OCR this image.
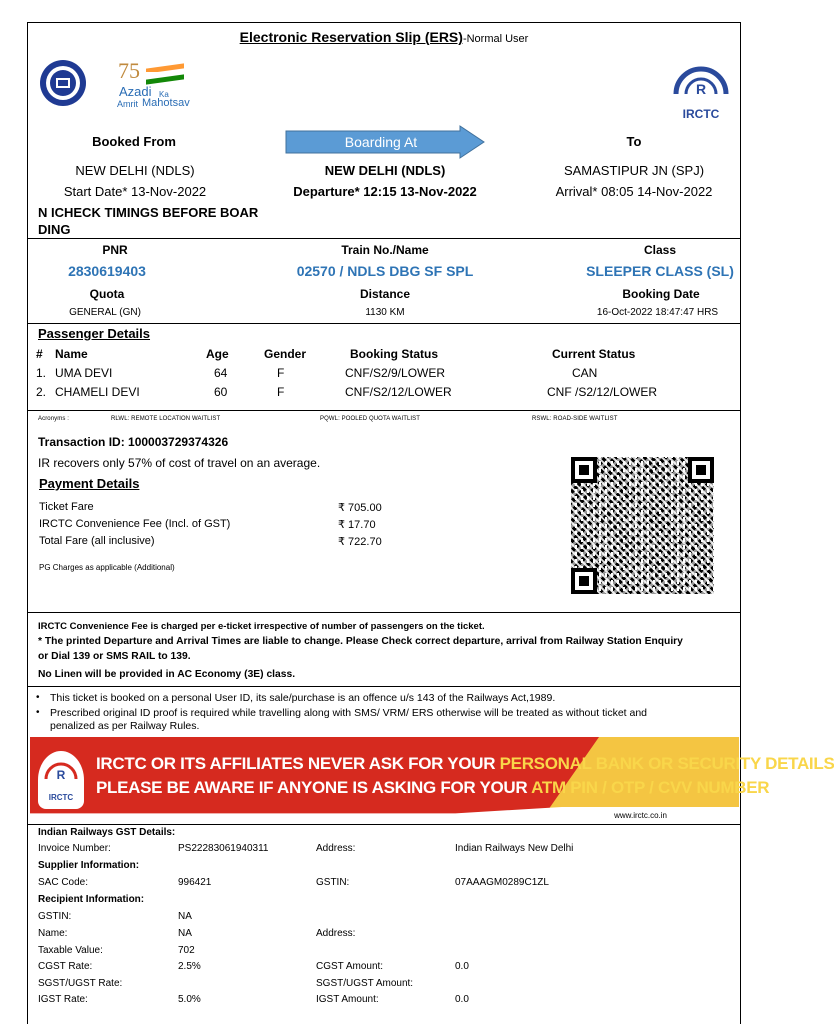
Electronic Reservation Slip (ERS)-Normal User
75
Azadi Ka
Amrit Mahotsav
R
IRCTC
Booked From	Boarding At	To
NEW DELHI (NDLS)	NEW DELHI (NDLS)	SAMASTIPUR JN (SPJ)
Start Date* 13-Nov-2022	Departure* 12:15 13-Nov-2022	Arrival* 08:05 14-Nov-2022
N ICHECK TIMINGS BEFORE BOAR
DING
PNR	Train No./Name	Class
2830619403	02570 / NDLS DBG SF SPL	SLEEPER CLASS (SL)
Quota	Distance	Booking Date
GENERAL (GN)	1130 KM	16-Oct-2022 18:47:47 HRS
Passenger Details
# Name	Age	Gender	Booking Status	Current Status
1. UMA DEVI	64	F	CNF/S2/9/LOWER	CAN
2. CHAMELI DEVI	60	F	CNF/S2/12/LOWER	CNF /S2/12/LOWER
Acronyms :	RLWL: REMOTE LOCATION WAITLIST	PQWL: POOLED QUOTA WAITLIST	RSWL: ROAD-SIDE WAITLIST
Transaction ID: 100003729374326
IR recovers only 57% of cost of travel on an average.
Payment Details
Ticket Fare	₹ 705.00
IRCTC Convenience Fee (Incl. of GST)	₹ 17.70
Total Fare (all inclusive)	₹ 722.70
PG Charges as applicable (Additional)
IRCTC Convenience Fee is charged per e-ticket irrespective of number of passengers on the ticket.
* The printed Departure and Arrival Times are liable to change. Please Check correct departure, arrival from Railway Station Enquiry
or Dial 139 or SMS RAIL to 139.
No Linen will be provided in AC Economy (3E) class.
• This ticket is booked on a personal User ID, its sale/purchase is an offence u/s 143 of the Railways Act,1989.
• Prescribed original ID proof is required while travelling along with SMS/ VRM/ ERS otherwise will be treated as without ticket and
penalized as per Railway Rules.
R
IRCTC
IRCTC OR ITS AFFILIATES NEVER ASK FOR YOUR PERSONAL BANK OR SECURITY DETAILS
PLEASE BE AWARE IF ANYONE IS ASKING FOR YOUR ATM PIN / OTP / CVV NUMBER
www.irctc.co.in
Indian Railways GST Details:
Invoice Number:	PS22283061940311	Address:	Indian Railways New Delhi
Supplier Information:
SAC Code:	996421	GSTIN:	07AAAGM0289C1ZL
Recipient Information:
GSTIN:	NA
Name:	NA	Address:
Taxable Value:	702
CGST Rate:	2.5%	CGST Amount:	0.0
SGST/UGST Rate:	SGST/UGST Amount:
IGST Rate:	5.0%	IGST Amount:	0.0
